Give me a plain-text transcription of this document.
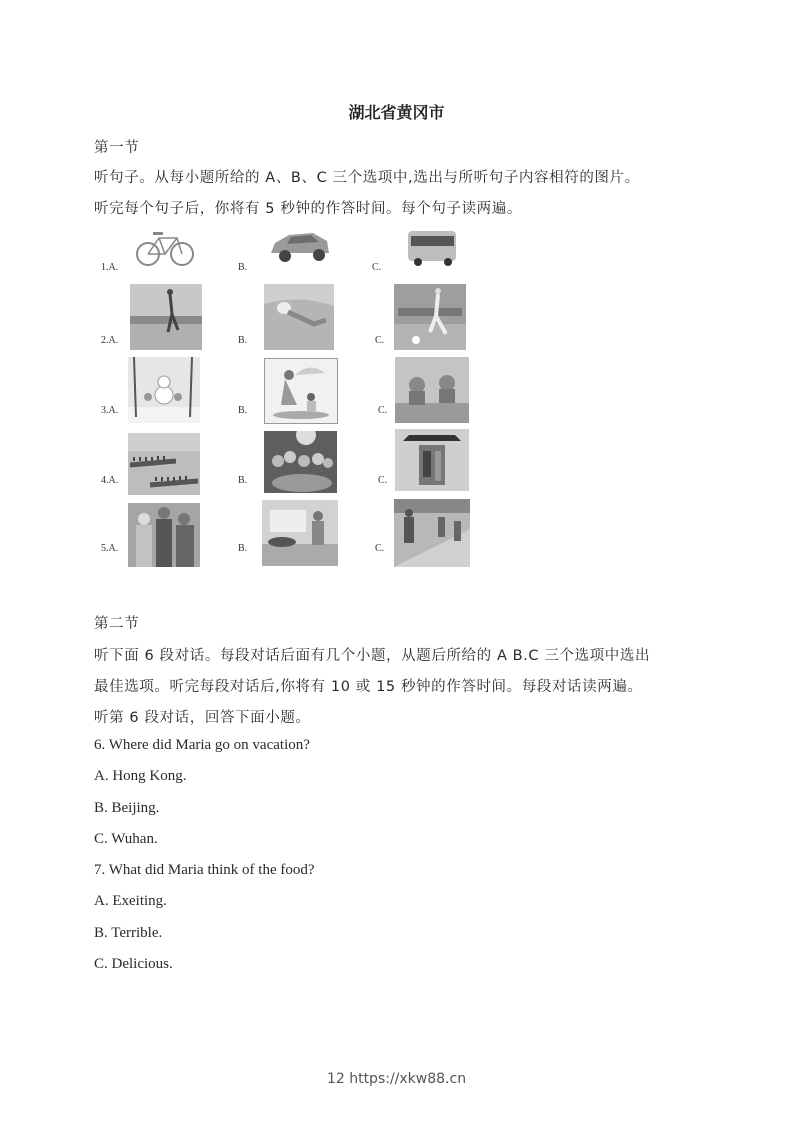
湖北省黄冈市
第一节
听句子。从每小题所给的 A、B、C 三个选项中,选出与所听句子内容相符的图片。
听完每个句子后，你将有 5 秒钟的作答时间。每个句子读两遍。
1.A.	B.	C.
2.A.	B.	C.
3.A.	B.	C.
4.A.	B.	C.
5.A.	B.	C.
第二节
听下面 6 段对话。每段对话后面有几个小题，从题后所给的 A B.C 三个选项中选出
最佳选项。听完每段对话后,你将有 10 或 15 秒钟的作答时间。每段对话读两遍。
听第 6 段对话，回答下面小题。
6. Where did Maria go on vacation?
A. Hong Kong.
B. Beijing.
C. Wuhan.
7. What did Maria think of the food?
A. Exeiting.
B. Terrible.
C. Delicious.
12 https://xkw88.cn
